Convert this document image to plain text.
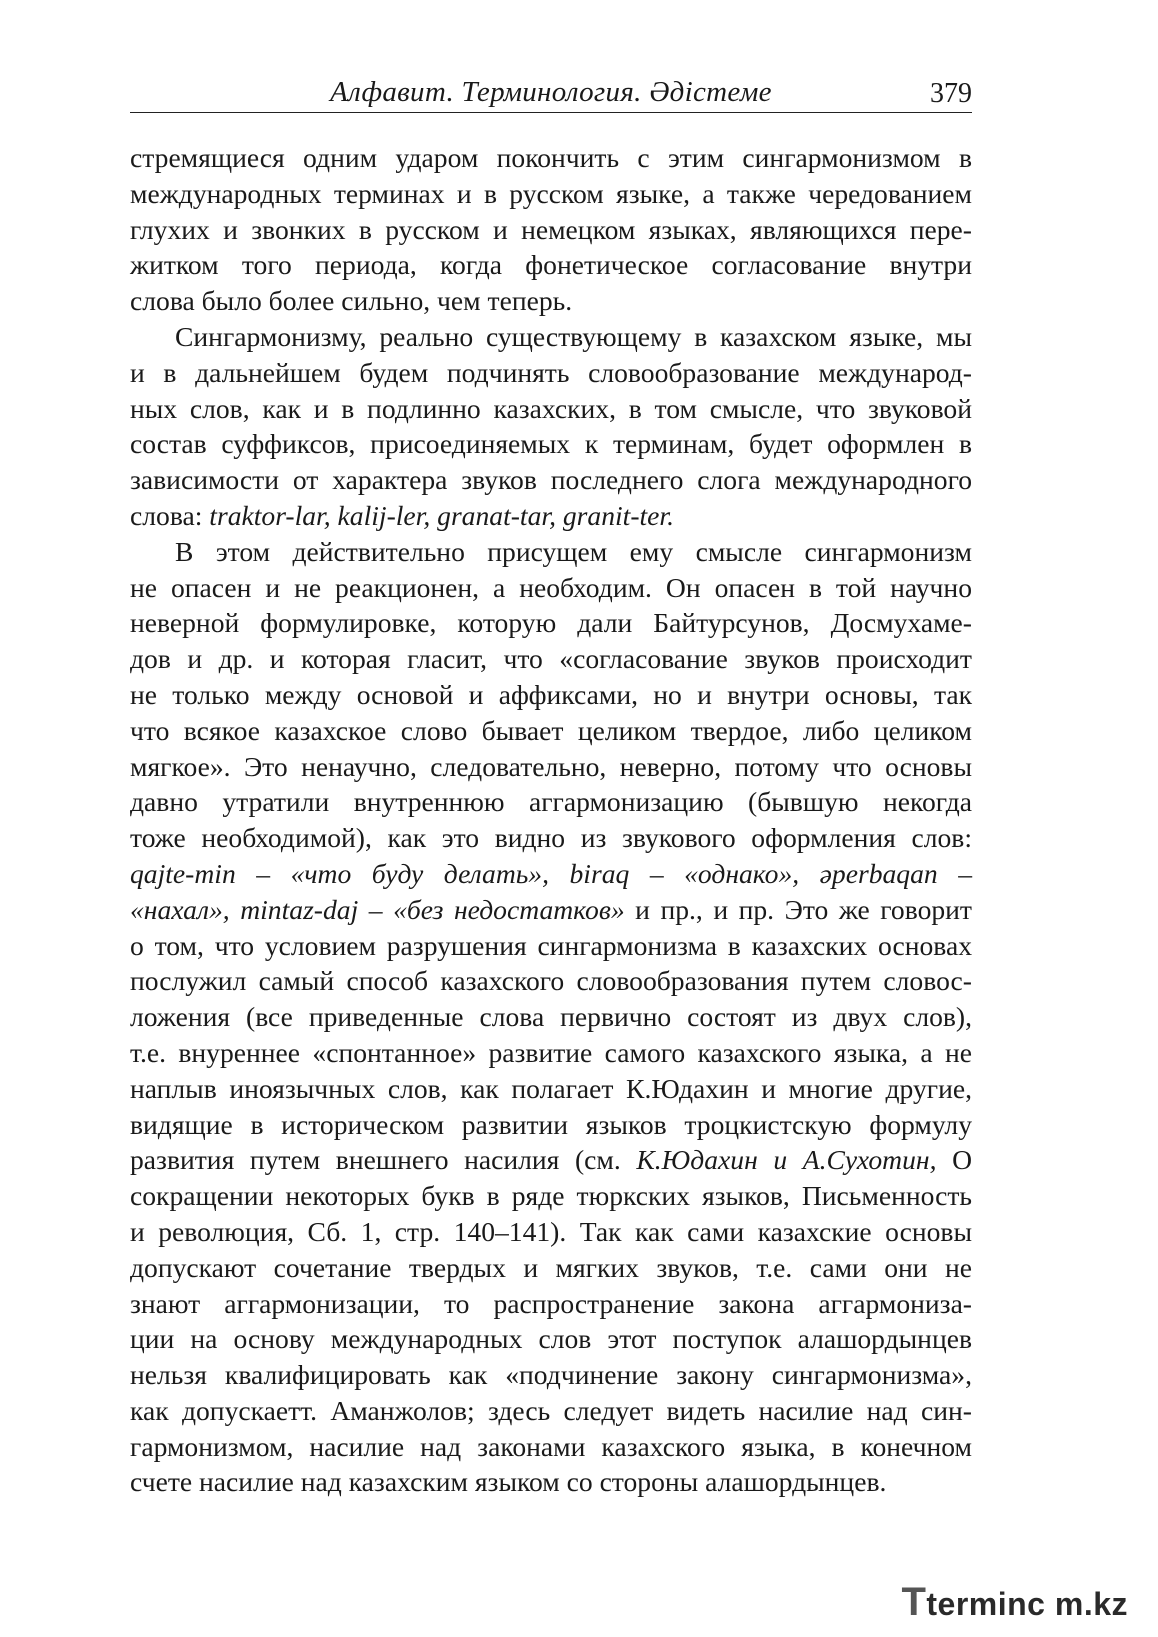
Алфавит. Терминология. Әдістеме	379
стремящиеся одним ударом покончить с этим сингармонизмом в
международных терминах и в русском языке, а также чередованием
глухих и звонких в русском и немецком языках, являющихся пере-
житком того периода, когда фонетическое согласование внутри
слова было более сильно, чем теперь.
Сингармонизму, реально существующему в казахском языке, мы
и в дальнейшем будем подчинять словообразование международ-
ных слов, как и в подлинно казахских, в том смысле, что звуковой
состав суффиксов, присоединяемых к терминам, будет оформлен в
зависимости от характера звуков последнего слога международного
слова: traktor-lar, kalij-ler, granat-tar, granit-ter.
В этом действительно присущем ему смысле сингармонизм
не опасен и не реакционен, а необходим. Он опасен в той научно
неверной формулировке, которую дали Байтурсунов, Досмухаме-
дов и др. и которая гласит, что «согласование звуков происходит
не только между основой и аффиксами, но и внутри основы, так
что всякое казахское слово бывает целиком твердое, либо целиком
мягкое». Это ненаучно, следовательно, неверно, потому что основы
давно утратили внутреннюю аггармонизацию (бывшую некогда
тоже необходимой), как это видно из звукового оформления слов:
qajte-min – «что буду делать», biraq – «однако», əperbaqan –
«нахал», mintaz-daj – «без недостатков» и пр., и пр. Это же говорит
о том, что условием разрушения сингармонизма в казахских основах
послужил самый способ казахского словообразования путем словос-
ложения (все приведенные слова первично состоят из двух слов),
т.е. внуреннее «спонтанное» развитие самого казахского языка, а не
наплыв иноязычных слов, как полагает К.Юдахин и многие другие,
видящие в историческом развитии языков троцкистскую формулу
развития путем внешнего насилия (см. К.Юдахин и А.Сухотин, О
сокращении некоторых букв в ряде тюркских языков, Письменность
и революция, Сб. 1, стр. 140–141). Так как сами казахские основы
допускают сочетание твердых и мягких звуков, т.е. сами они не
знают аггармонизации, то распространение закона аггармониза-
ции на основу международных слов этот поступок алашордынцев
нельзя квалифицировать как «подчинение закону сингармонизма»,
как допускаетт. Аманжолов; здесь следует видеть насилие над син-
гармонизмом, насилие над законами казахского языка, в конечном
счете насилие над казахским языком со стороны алашордынцев.
Tterminc m.kz
